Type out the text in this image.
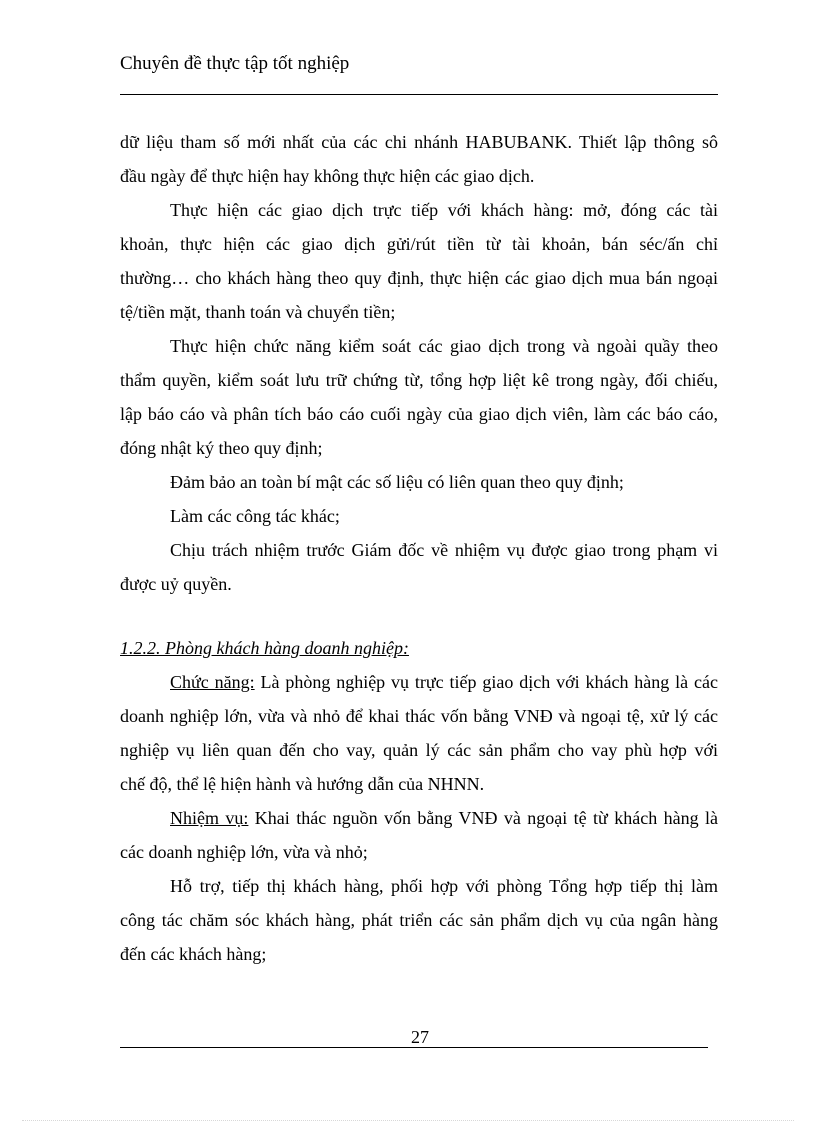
Chuyên đề thực tập tốt nghiệp
dữ liệu tham số mới nhất của các chi nhánh HABUBANK. Thiết lập thông sô
đầu ngày để thực hiện hay không thực hiện các giao dịch.
Thực hiện các giao dịch trực tiếp với khách hàng: mở, đóng các tài
khoản, thực hiện các giao dịch gửi/rút tiền từ tài khoản, bán séc/ấn chỉ
thường… cho khách hàng theo quy định, thực hiện các giao dịch mua bán ngoại
tệ/tiền mặt, thanh toán và chuyển tiền;
Thực hiện chức năng kiểm soát các giao dịch trong và ngoài quầy theo
thẩm quyền, kiểm soát lưu trữ chứng từ, tổng hợp liệt kê trong ngày, đối chiếu,
lập báo cáo và phân tích báo cáo cuối ngày của giao dịch viên, làm các báo cáo,
đóng nhật ký theo quy định;
Đảm bảo an toàn bí mật các số liệu có liên quan theo quy định;
Làm các công tác khác;
Chịu trách nhiệm trước Giám đốc về nhiệm vụ được giao trong phạm vi
được uỷ quyền.
1.2.2. Phòng khách hàng doanh nghiệp:
Chức năng: Là phòng nghiệp vụ trực tiếp giao dịch với khách hàng là các
doanh nghiệp lớn, vừa và nhỏ để khai thác vốn bằng VNĐ và ngoại tệ, xử lý các
nghiệp vụ liên quan đến cho vay, quản lý các sản phẩm cho vay phù hợp với
chế độ, thể lệ hiện hành và hướng dẫn của NHNN.
Nhiệm vụ: Khai thác nguồn vốn bằng VNĐ và ngoại tệ từ khách hàng là
các doanh nghiệp lớn, vừa và nhỏ;
Hỗ trợ, tiếp thị khách hàng, phối hợp với phòng Tổng hợp tiếp thị làm
công tác chăm sóc khách hàng, phát triển các sản phẩm dịch vụ của ngân hàng
đến các khách hàng;
27
